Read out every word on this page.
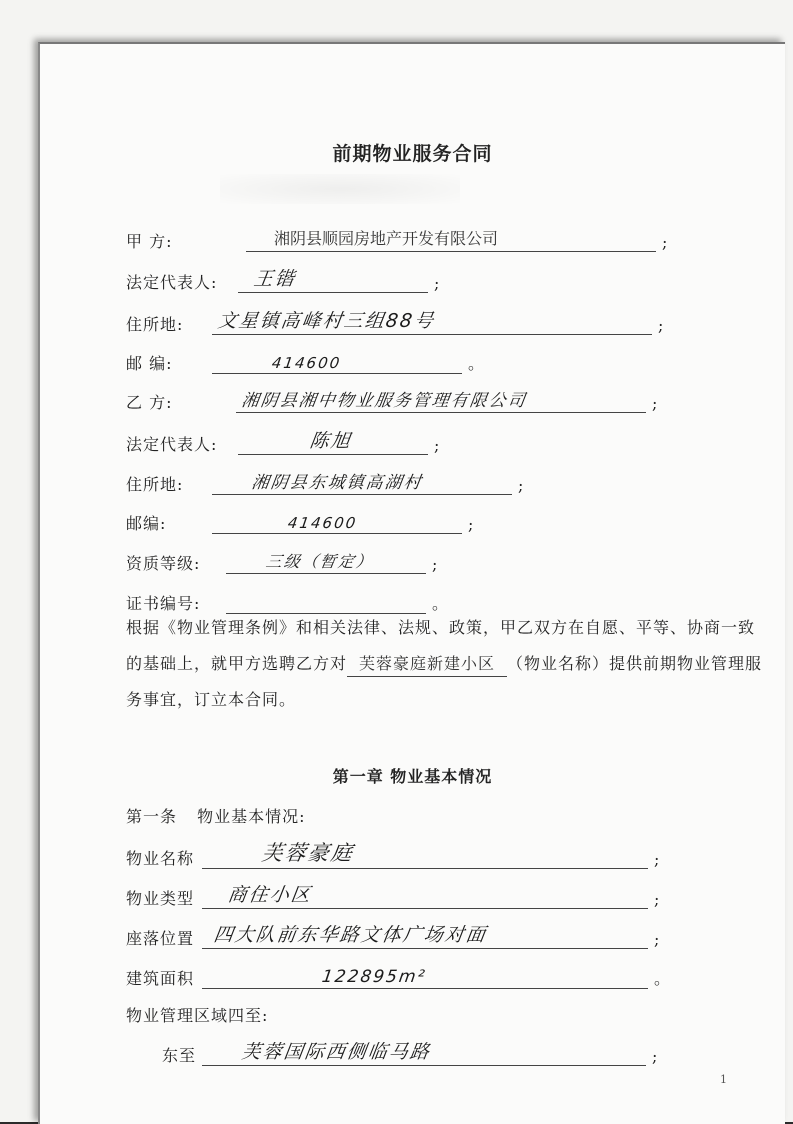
前期物业服务合同
甲 方:	湘阴县顺园房地产开发有限公司	;
法定代表人:	王锴	;
住所地:	文星镇高峰村三组88号	;
邮 编:	414600	。
乙 方:	湘阴县湘中物业服务管理有限公司	;
法定代表人:	陈旭	;
住所地:	湘阴县东城镇高湖村	;
邮编:	414600	;
资质等级:	三级（暂定）	;
证书编号:	。
根据《物业管理条例》和相关法律、法规、政策，甲乙双方在自愿、平等、协商一致的基础上，就甲方选聘乙方对 芙蓉豪庭新建小区 （物业名称）提供前期物业管理服务事宜，订立本合同。
第一章 物业基本情况
第一条 物业基本情况:
物业名称	芙蓉豪庭	;
物业类型	商住小区	;
座落位置 四大队前东华路文体广场对面	;
建筑面积	122895m²	。
物业管理区域四至:
东至	芙蓉国际西侧临马路	;
1
